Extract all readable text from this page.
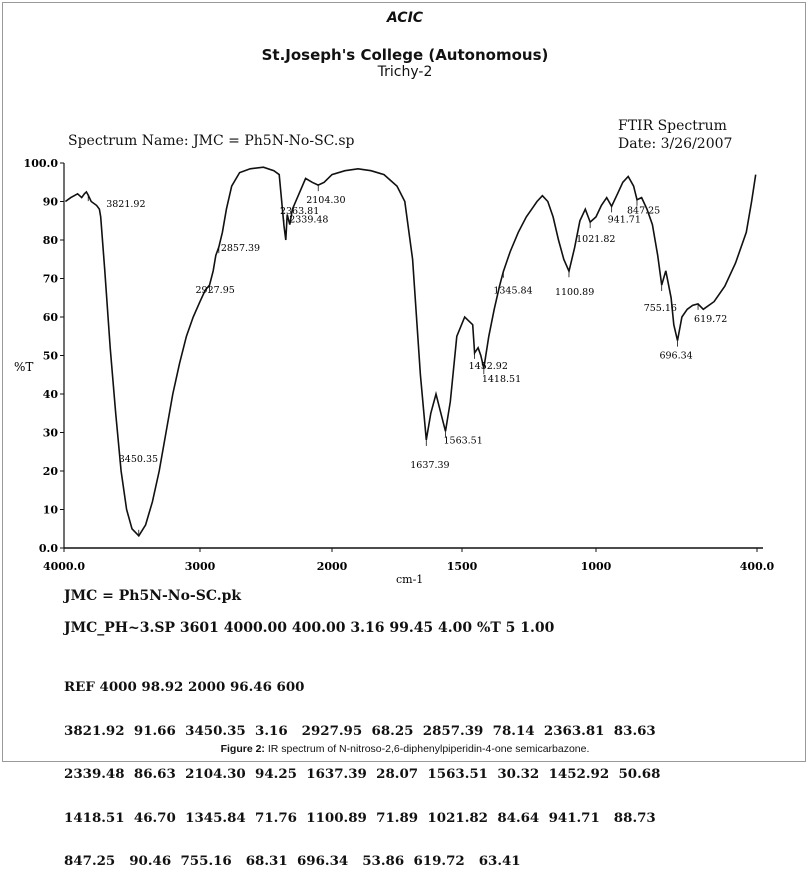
ACIC
St.Joseph's College (Autonomous)
Trichy-2
Spectrum Name: JMC = Ph5N-No-SC.sp
FTIR Spectrum
Date: 3/26/2007
0.0
10
20
30
40
50
60
70
80
90
100.0
4000.0	3000	2000	1500	1000	400.0
3821.92
3450.35
2927.95
2857.39
2363.81
2339.48
2104.30
1637.39
1563.51
1452.92
1418.51
1345.84 1100.89
1021.82
941.71
847.25
755.16
696.34
619.72
%T
cm-1
JMC = Ph5N-No-SC.pk
JMC_PH~3.SP 3601 4000.00 400.00 3.16 99.45 4.00 %T 5 1.00

REF 4000 98.92 2000 96.46 600

3821.92  91.66  3450.35  3.16   2927.95  68.25  2857.39  78.14  2363.81  83.63

2339.48  86.63  2104.30  94.25  1637.39  28.07  1563.51  30.32  1452.92  50.68

1418.51  46.70  1345.84  71.76  1100.89  71.89  1021.82  84.64  941.71   88.73

847.25   90.46  755.16   68.31  696.34   53.86  619.72   63.41

Figure 2: IR spectrum of N-nitroso-2,6-diphenylpiperidin-4-one semicarbazone.
